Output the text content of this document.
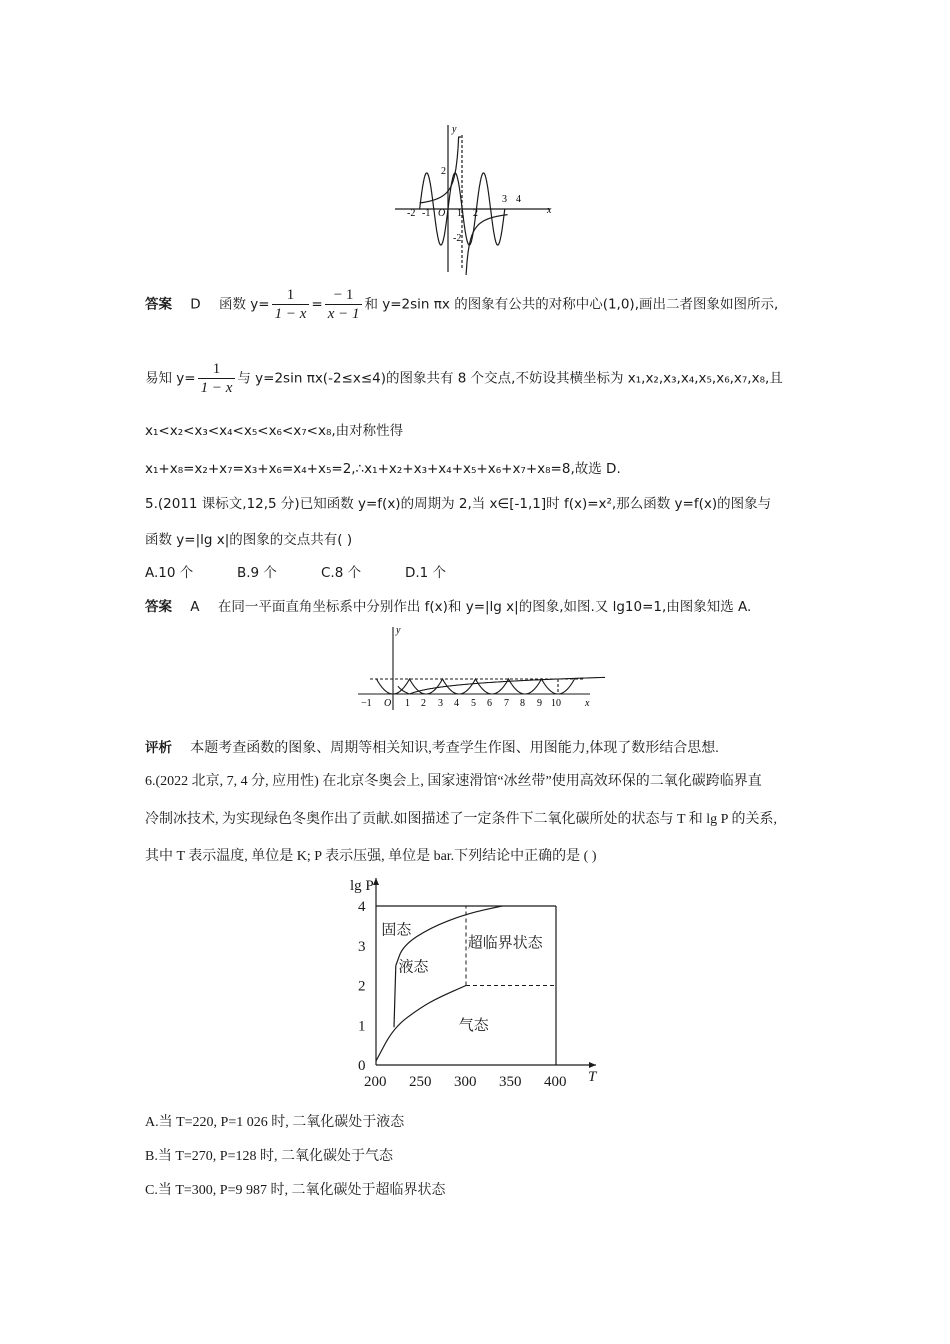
y
x
-2 -1 O 1 2
3 4
2
-2
答案 D 函数 $y= \frac{1}{1 - x} = \frac{- 1}{x - 1}$ 和 y=2sin πx 的图象有公共的对称中心(1,0),画出二者图象如图所示,
易知 $y= \frac{1}{1 - x}$ 与 y=2sin πx(-2≤x≤4)的图象共有 8 个交点,不妨设其横坐标为 x₁,x₂,x₃,x₄,x₅,x₆,x₇,x₈,且
x₁<x₂<x₃<x₄<x₅<x₆<x₇<x₈,由对称性得
x₁+x₈=x₂+x₇=x₃+x₆=x₄+x₅=2,∴x₁+x₂+x₃+x₄+x₅+x₆+x₇+x₈=8,故选 D.
5.(2011 课标文,12,5 分)已知函数 y=f(x)的周期为 2,当 x∈[-1,1]时 f(x)=x²,那么函数 y=f(x)的图象与
函数 y=|lg x|的图象的交点共有( )
A.10 个	B.9 个	C.8 个	D.1 个
答案 A 在同一平面直角坐标系中分别作出 f(x)和 y=|lg x|的图象,如图.又 lg10=1,由图象知选 A.
y
x
−1 O 1 2 3 4 5 6 7 8 9 10
评析 本题考查函数的图象、周期等相关知识,考查学生作图、用图能力,体现了数形结合思想.
6.(2022 北京, 7, 4 分, 应用性) 在北京冬奥会上, 国家速滑馆“冰丝带”使用高效环保的二氧化碳跨临界直
冷制冰技术, 为实现绿色冬奥作出了贡献.如图描述了一定条件下二氧化碳所处的状态与 T 和 lg P 的关系,
其中 T 表示温度, 单位是 K; P 表示压强, 单位是 bar.下列结论中正确的是 ( )
0
1
2
3
4
200 250 300 350 400
lg P
T
固态
液态
超临界状态
气态
A.当 T=220, P=1 026 时, 二氧化碳处于液态
B.当 T=270, P=128 时, 二氧化碳处于气态
C.当 T=300, P=9 987 时, 二氧化碳处于超临界状态
